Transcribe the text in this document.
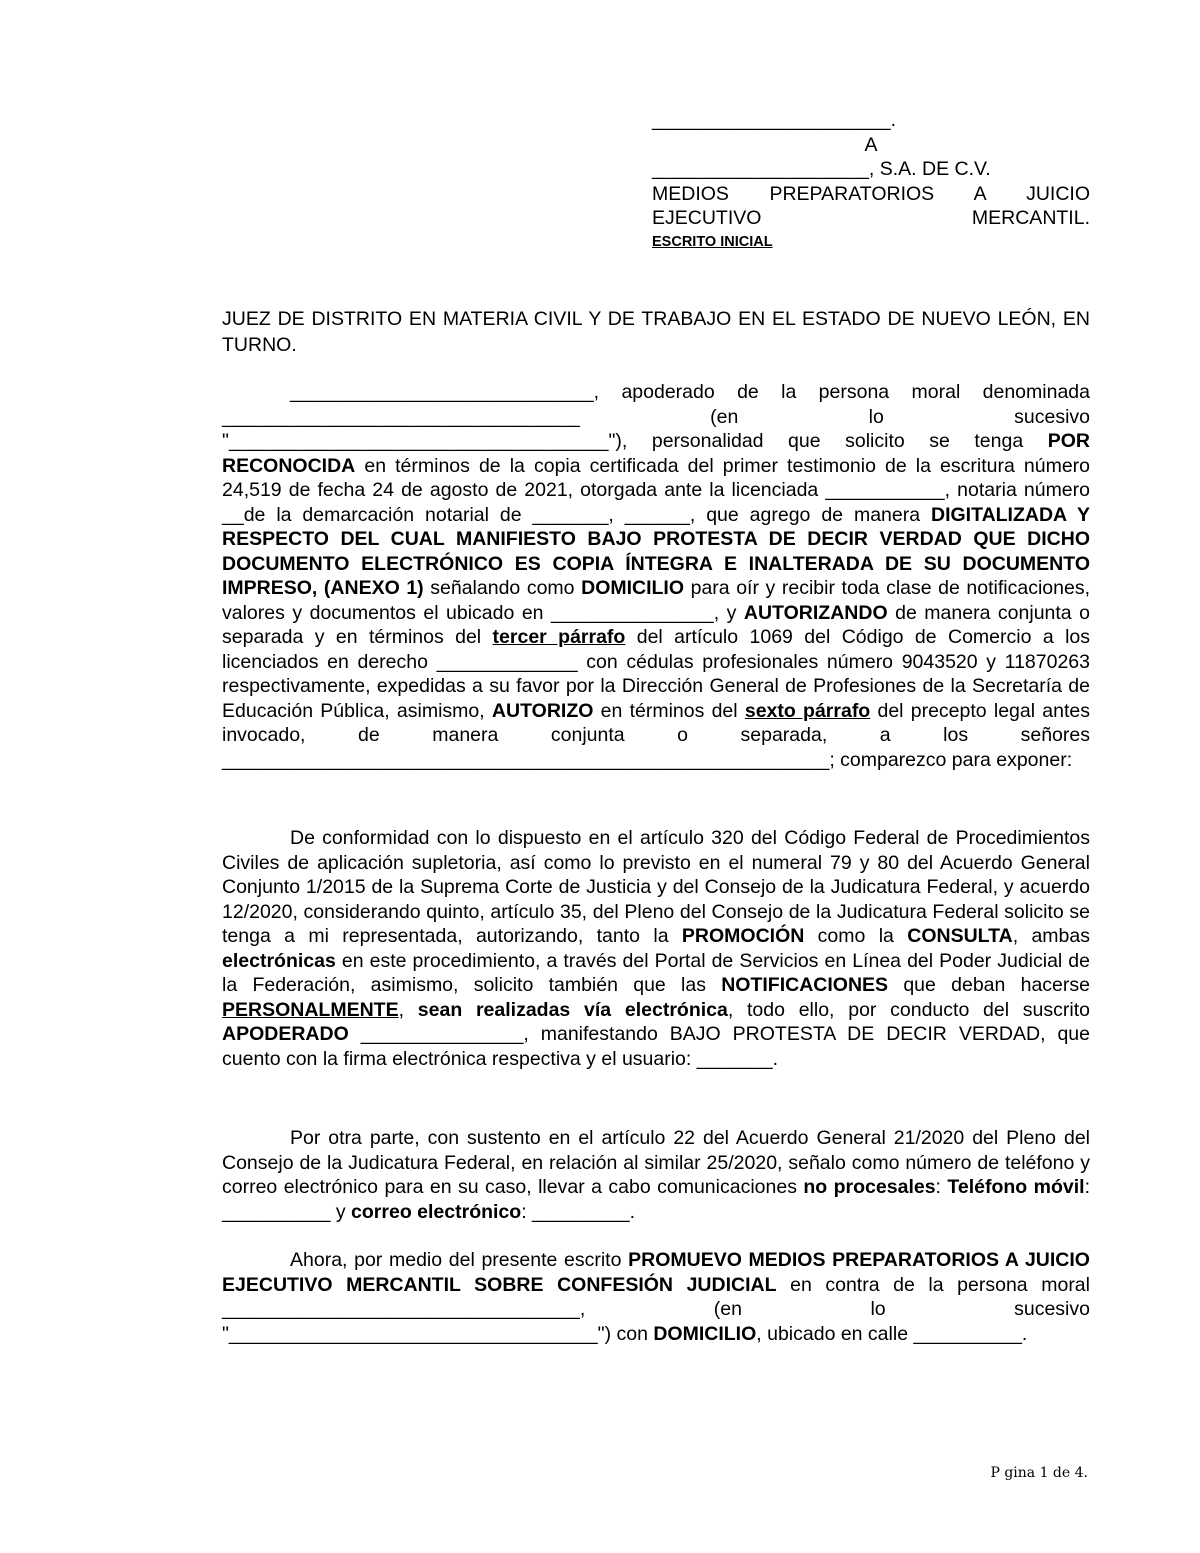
______________________.

A

____________________, S.A. DE C.V.

MEDIOS PREPARATORIOS A JUICIO EJECUTIVO MERCANTIL.

ESCRITO INICIAL

JUEZ DE DISTRITO EN MATERIA CIVIL Y DE TRABAJO EN EL ESTADO DE NUEVO LEÓN, EN TURNO.

____________________________, apoderado de la persona moral denominada _________________________________ (en lo sucesivo "___________________________________"), personalidad que solicito se tenga POR RECONOCIDA en términos de la copia certificada del primer testimonio de la escritura número 24,519 de fecha 24 de agosto de 2021, otorgada ante la licenciada ___________, notaria número __de la demarcación notarial de _______, ______, que agrego de manera DIGITALIZADA Y RESPECTO DEL CUAL MANIFIESTO BAJO PROTESTA DE DECIR VERDAD QUE DICHO DOCUMENTO ELECTRÓNICO ES COPIA ÍNTEGRA E INALTERADA DE SU DOCUMENTO IMPRESO, (ANEXO 1) señalando como DOMICILIO para oír y recibir toda clase de notificaciones, valores y documentos el ubicado en _______________, y AUTORIZANDO de manera conjunta o separada y en términos del tercer párrafo del artículo 1069 del Código de Comercio a los licenciados en derecho _____________ con cédulas profesionales número 9043520 y 11870263 respectivamente, expedidas a su favor por la Dirección General de Profesiones de la Secretaría de Educación Pública, asimismo, AUTORIZO en términos del sexto párrafo del precepto legal antes invocado, de manera conjunta o separada, a los señores ________________________________________________________; comparezco para exponer:

De conformidad con lo dispuesto en el artículo 320 del Código Federal de Procedimientos Civiles de aplicación supletoria, así como lo previsto en el numeral 79 y 80 del Acuerdo General Conjunto 1/2015 de la Suprema Corte de Justicia y del Consejo de la Judicatura Federal, y acuerdo 12/2020, considerando quinto, artículo 35, del Pleno del Consejo de la Judicatura Federal solicito se tenga a mi representada, autorizando, tanto la PROMOCIÓN como la CONSULTA, ambas electrónicas en este procedimiento, a través del Portal de Servicios en Línea del Poder Judicial de la Federación, asimismo, solicito también que las NOTIFICACIONES que deban hacerse PERSONALMENTE, sean realizadas vía electrónica, todo ello, por conducto del suscrito APODERADO _______________, manifestando BAJO PROTESTA DE DECIR VERDAD, que cuento con la firma electrónica respectiva y el usuario: _______.

Por otra parte, con sustento en el artículo 22 del Acuerdo General 21/2020 del Pleno del Consejo de la Judicatura Federal, en relación al similar 25/2020, señalo como número de teléfono y correo electrónico para en su caso, llevar a cabo comunicaciones no procesales: Teléfono móvil: __________ y correo electrónico: _________.

Ahora, por medio del presente escrito PROMUEVO MEDIOS PREPARATORIOS A JUICIO EJECUTIVO MERCANTIL SOBRE CONFESIÓN JUDICIAL en contra de la persona moral _________________________________, (en lo sucesivo "__________________________________") con DOMICILIO, ubicado en calle __________.

P gina 1 de 4.
